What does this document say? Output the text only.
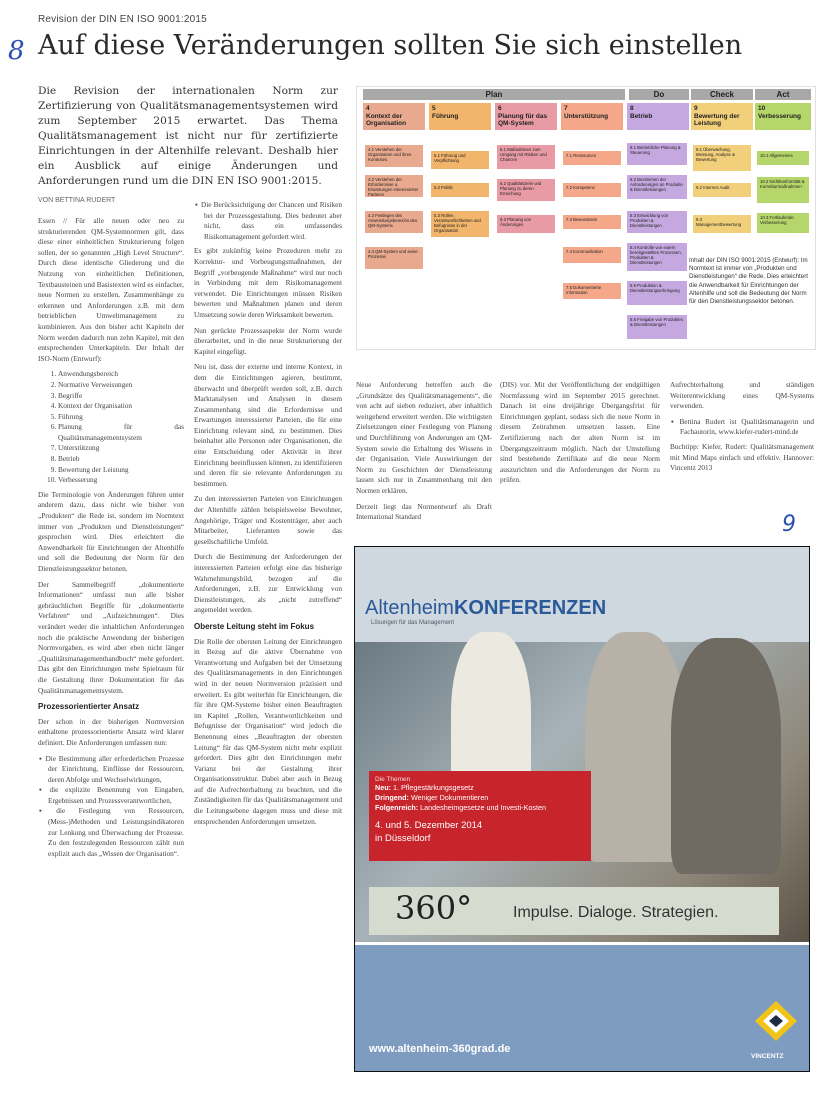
Revision der DIN EN ISO 9001:2015
8 Auf diese Veränderungen sollten Sie sich einstellen
Die Revision der internationalen Norm zur Zertifizierung von Qualitätsmanagementsystemen wird zum September 2015 erwartet. Das Thema Qualitätsmanagement ist nicht nur für zertifizierte Einrichtungen in der Altenhilfe relevant. Deshalb hier ein Ausblick auf einige Änderungen und Anforderungen rund um die DIN EN ISO 9001:2015.
VON BETTINA RUDERT

Essen // Für alle neuen oder neu zu strukturierenden QM-Systemnormen gilt, dass diese einer einheitlichen Strukturierung folgen sollen, der so genannten „High Level Structure“. Durch diese identische Gliederung und die Nutzung von einheitlichen Definitionen, Textbausteinen und Basistexten wird es einfacher, neue Normen zu erstellen, Zusammenhänge zu erkennen und Anforderungen z.B. mit dem betrieblichen Umweltmanagement zu kombinieren. Aus den bisher acht Kapiteln der Norm werden dadurch nun zehn Kapitel, mit den entsprechenden Unterkapiteln. Der Inhalt der ISO-Norm (Entwurf):

1. Anwendungsbereich
2. Normative Verweisungen
3. Begriffe
4. Kontext der Organisation
5. Führung
6. Planung für das Qualitätsmanagementsystem
7. Unterstützung
8. Betrieb
9. Bewertung der Leistung
10. Verbesserung

Die Terminologie von Änderungen führen unter anderem dazu, dass nicht wie bisher von „Produkten“ die Rede ist, sondern im Normtext immer von „Produkten und Dienstleistungen“ gesprochen wird. Dies erleichtert die Anwendbarkeit für Einrichtungen der Altenhilfe und soll die Bedeutung der Norm für den Dienstleistungssektor betonen.

Der Sammelbegriff „dokumentierte Informationen“ umfasst nun alle bisher gebräuchlichen Begriffe für „dokumentierte Verfahren“ und „Aufzeichnungen“. Dies verändert weder die inhaltlichen Anforderungen noch die praktische Anwendung der bisherigen Normvorgaben, es wird aber eben nicht länger „Qualitätsmanagementhandbuch“ mehr gefordert. Das gibt den Einrichtungen mehr Spielraum für die Gestaltung ihrer Dokumentation für das Qualitätsmanagementsystem.

Prozessorientierter Ansatz

Der schon in der bisherigen Normversion enthaltene prozessorientierte Ansatz wird klarer definiert. Die Anforderungen umfassen nun:

▪ Die Bestimmung aller erforderlichen Prozesse der Einrichtung, Einflüsse der Ressourcen, deren Abfolge und Wechselwirkungen,
▪ die explizite Benennung von Eingaben, Ergebnissen und Prozessverantwortlichen,
▪ die Festlegung von Ressourcen, (Mess-)Methoden und Leistungsindikatoren zur Lenkung und Überwachung der Prozesse. Zu den festzulegenden Ressourcen zählt nun explizit auch das „Wissen der Organisation“.
▪ Die Berücksichtigung der Chancen und Risiken bei der Prozessgestaltung. Dies bedeutet aber nicht, dass ein umfassendes Risikomanagement gefordert wird.

Es gibt zukünftig keine Prozeduren mehr zu Korrektur- und Vorbeugungsmaßnahmen, der Begriff „vorbeugende Maßnahme“ wird nur noch in Verbindung mit dem Risikomanagement verwendet. Die Einrichtungen müssen Risiken bewerten und Maßnahmen planen und deren Umsetzung sowie deren Wirksamkeit bewerten.

Nun gerückte Prozessaspekte der Norm wurde überarbeitet, und in die neue Strukturierung der Kapitel eingefügt.

Neu ist, dass der externe und interne Kontext, in dem die Einrichtungen agieren, bestimmt, überwacht und überprüft werden soll, z.B. durch Marktanalysen und Analysen in diesem Zusammenhang sind die Erfordernisse und Erwartungen interessierter Parteien, die für eine Einrichtung relevant sind, zu bestimmen. Dies beinhaltet alle Personen oder Organisationen, die eine Entscheidung oder Aktivität in ihrer Einrichtung beeinflussen können, zu identifizieren und deren für sie relevante Anforderungen zu bestimmen.

Zu den interessierten Parteien von Einrichtungen der Altenhilfe zählen beispielsweise Bewohner, Angehörige, Träger und Kostenträger, aber auch Mitarbeiter, Lieferanten sowie das gesellschaftliche Umfeld.

Durch die Bestimmung der Anforderungen der interessierten Parteien erfolgt eine das bisherige Wahrnehmungsbild, bezogen auf die Anforderungen, z.B. zur Entwicklung von Dienstleistungen, als „nicht zutreffend“ angemeldet werden.

Oberste Leitung steht im Fokus

Die Rolle der obersten Leitung der Einrichtungen in Bezug auf die aktive Übernahme von Verantwortung und Aufgaben bei der Umsetzung des Qualitätsmanagements in den Einrichtungen wird in der neuen Normversion präzisiert und erweitert. Es gibt weiterhin für Einrichtungen, die für ihre QM-Systeme bisher einen Beauftragten im Kapitel „Rollen, Verantwortlichkeiten und Befugnisse der Organisation“ wird jedoch die Benennung eines „Beauftragten der obersten Leitung“ für das QM-System nicht mehr explizit gefordert. Dies gibt den Einrichtungen mehr Varianz bei der Gestaltung ihrer Organisationsstruktur. Dabei aber auch in Bezug auf die Aufrechterhaltung zu beachten, und die Zuständigkeiten für das Qualitätsmanagement und die Leitungsebene dagegen muss und diese mit entsprechenden Anforderungen umsetzen.

Neue Anforderung betreffen auch die „Grundsätze des Qualitätsmanagements“, die von acht auf sieben reduziert, aber inhaltlich weitgehend erweitert werden. Die wichtigsten Zielsetzungen einer Festlegung von Planung und Durchführung von Änderungen am QM-System sowie die Erhaltung des Wissens in der Organisation. Viele Auswirkungen der Norm zu Geschichten der Dienstleistung lassen sich nur in Zusammenhang mit den Normen erklären.

Derzeit liegt das Normentwurf als Draft International Standard

(DIS) vor. Mit der Veröffentlichung der endgültigen Normfassung wird im September 2015 gerechnet. Danach ist eine dreijährige Übergangsfrist für Einrichtungen geplant, sodass sich die neue Norm in diesem Zeitrahmen umsetzen lassen. Eine Zertifizierung nach der alten Norm ist im Übergangszeitraum möglich. Nach der Umstellung sind bestehende Zertifikate auf die neue Norm auszurichten und die Anforderungen der Norm zu prüfen.

Aufrechterhaltung und ständigen Weiterentwicklung eines QM-Systems verwenden.

▪ Bettina Rudert ist Qualitätsmanagerin und Fachautorin, www.kiefer-rudert-mind.de

Buchtipp: Kiefer, Rudert: Qualitätsmanagement mit Mind Maps einfach und effektiv. Hannover: Vincentz 2013

9
Plan	Do	Check	Act
4
Kontext der Organisation
5
Führung
6
Planung für das QM-System
7
Unterstützung
8
Betrieb
9
Bewertung der Leistung
10
Verbesserung
4.1 Verstehen der Organisation und ihres Kontextes
4.2 Verstehen der Erfordernisse u. Erwartungen interessierter Parteien
4.3 Festlegen des Anwendungsbereichs des QM-Systems
4.4 QM-System und seine Prozesse
5.1 Führung und Verpflichtung
5.2 Politik
5.3 Rollen, Verantwortlichkeiten und Befugnisse in der Organisation
6.1 Maßnahmen zum Umgang mit Risiken und Chancen
6.2 Qualitätsziele und Planung zu deren Erreichung
6.3 Planung von Änderungen
7.1 Ressourcen
7.2 Kompetenz
7.3 Bewusstsein
7.4 Kommunikation
7.5 Dokumentierte Information
8.1 Betriebliche Planung & Steuerung
8.2 Bestimmen der Anforderungen an Produkte & Dienstleistungen
8.3 Entwicklung von Produkten & Dienstleistungen
8.4 Kontrolle von extern bereitgestellten Prozessen, Produkten & Dienstleistungen
8.5 Produktion & Dienstleistungserbringung
8.6 Freigabe von Produkten & Dienstleistungen
9.1 Überwachung, Messung, Analyse & Bewertung
9.2 Internes Audit
9.3 Managementbewertung
10.1 Allgemeines
10.2 Nichtkonformität & Korrekturmaßnahmen
10.3 Fortlaufende Verbesserung
Inhalt der DIN ISO 9001:2015 (Entwurf): Im Normtext ist immer von „Produkten und Dienstleistungen“ die Rede. Dies erleichtert die Anwendbarkeit für Einrichtungen der Altenhilfe und soll die Bedeutung der Norm für den Dienstleistungssektor betonen.
AltenheimKONFERENZEN
Lösungen für das Management
Die Themen
Neu: 1. Pflegestärkungsgesetz
Dringend: Weniger Dokumentieren
Folgenreich: Landesheimgesetze und Investi-Kosten
4. und 5. Dezember 2014
in Düsseldorf
360°	Impulse. Dialoge. Strategien.
www.altenheim-360grad.de
VINCENTZ
